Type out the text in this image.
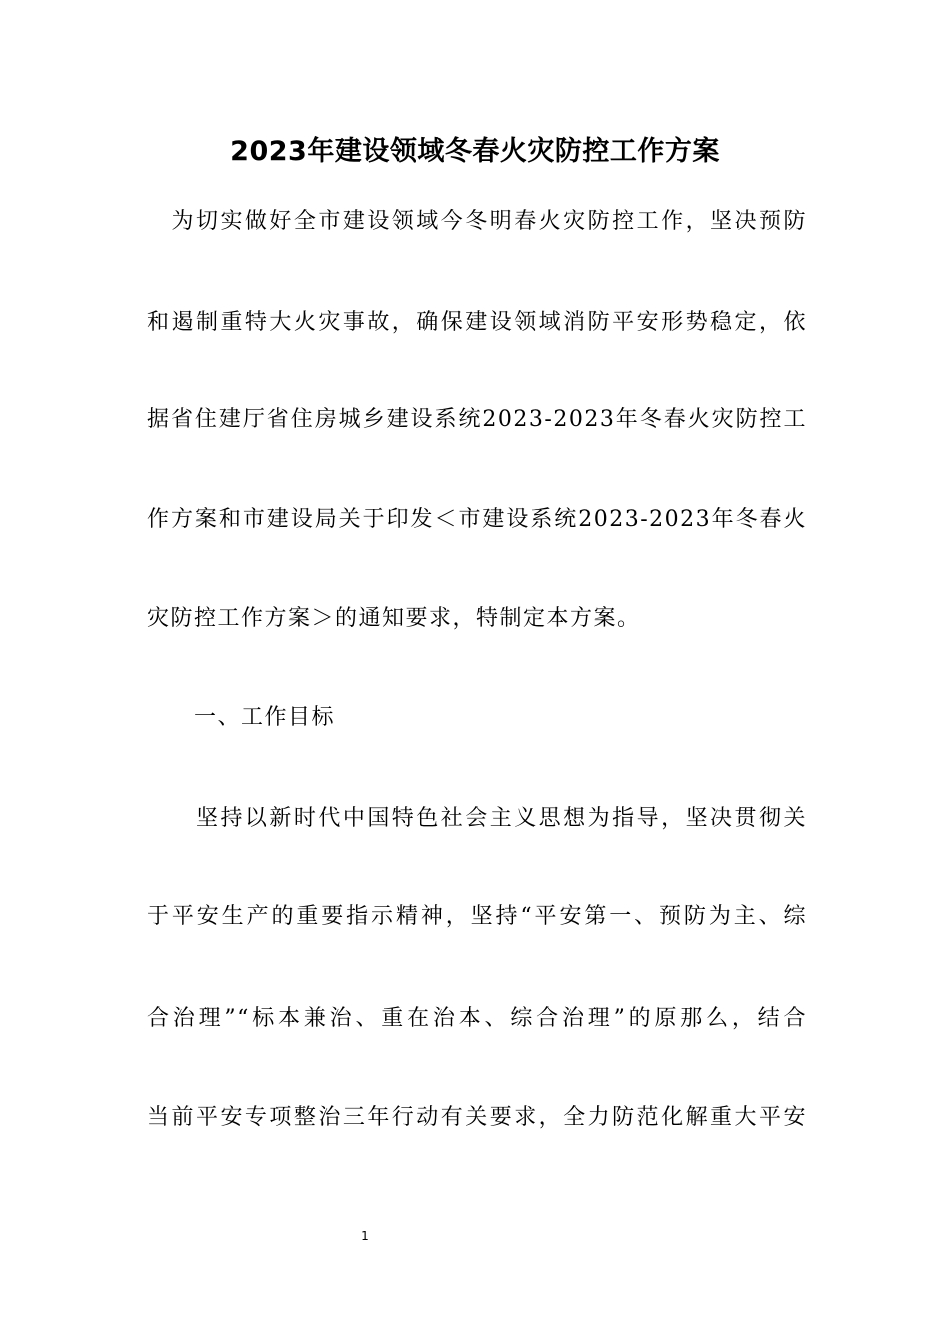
2023年建设领域冬春火灾防控工作方案
　为切实做好全市建设领域今冬明春火灾防控工作，坚决预防
和遏制重特大火灾事故，确保建设领域消防平安形势稳定，依
据省住建厅省住房城乡建设系统2023-2023年冬春火灾防控工
作方案和市建设局关于印发＜市建设系统2023-2023年冬春火
灾防控工作方案＞的通知要求，特制定本方案。
　　一、工作目标
　　坚持以新时代中国特色社会主义思想为指导，坚决贯彻关
于平安生产的重要指示精神，坚持“平安第一、预防为主、综
合治理”“标本兼治、重在治本、综合治理”的原那么，结合
当前平安专项整治三年行动有关要求，全力防范化解重大平安
1
